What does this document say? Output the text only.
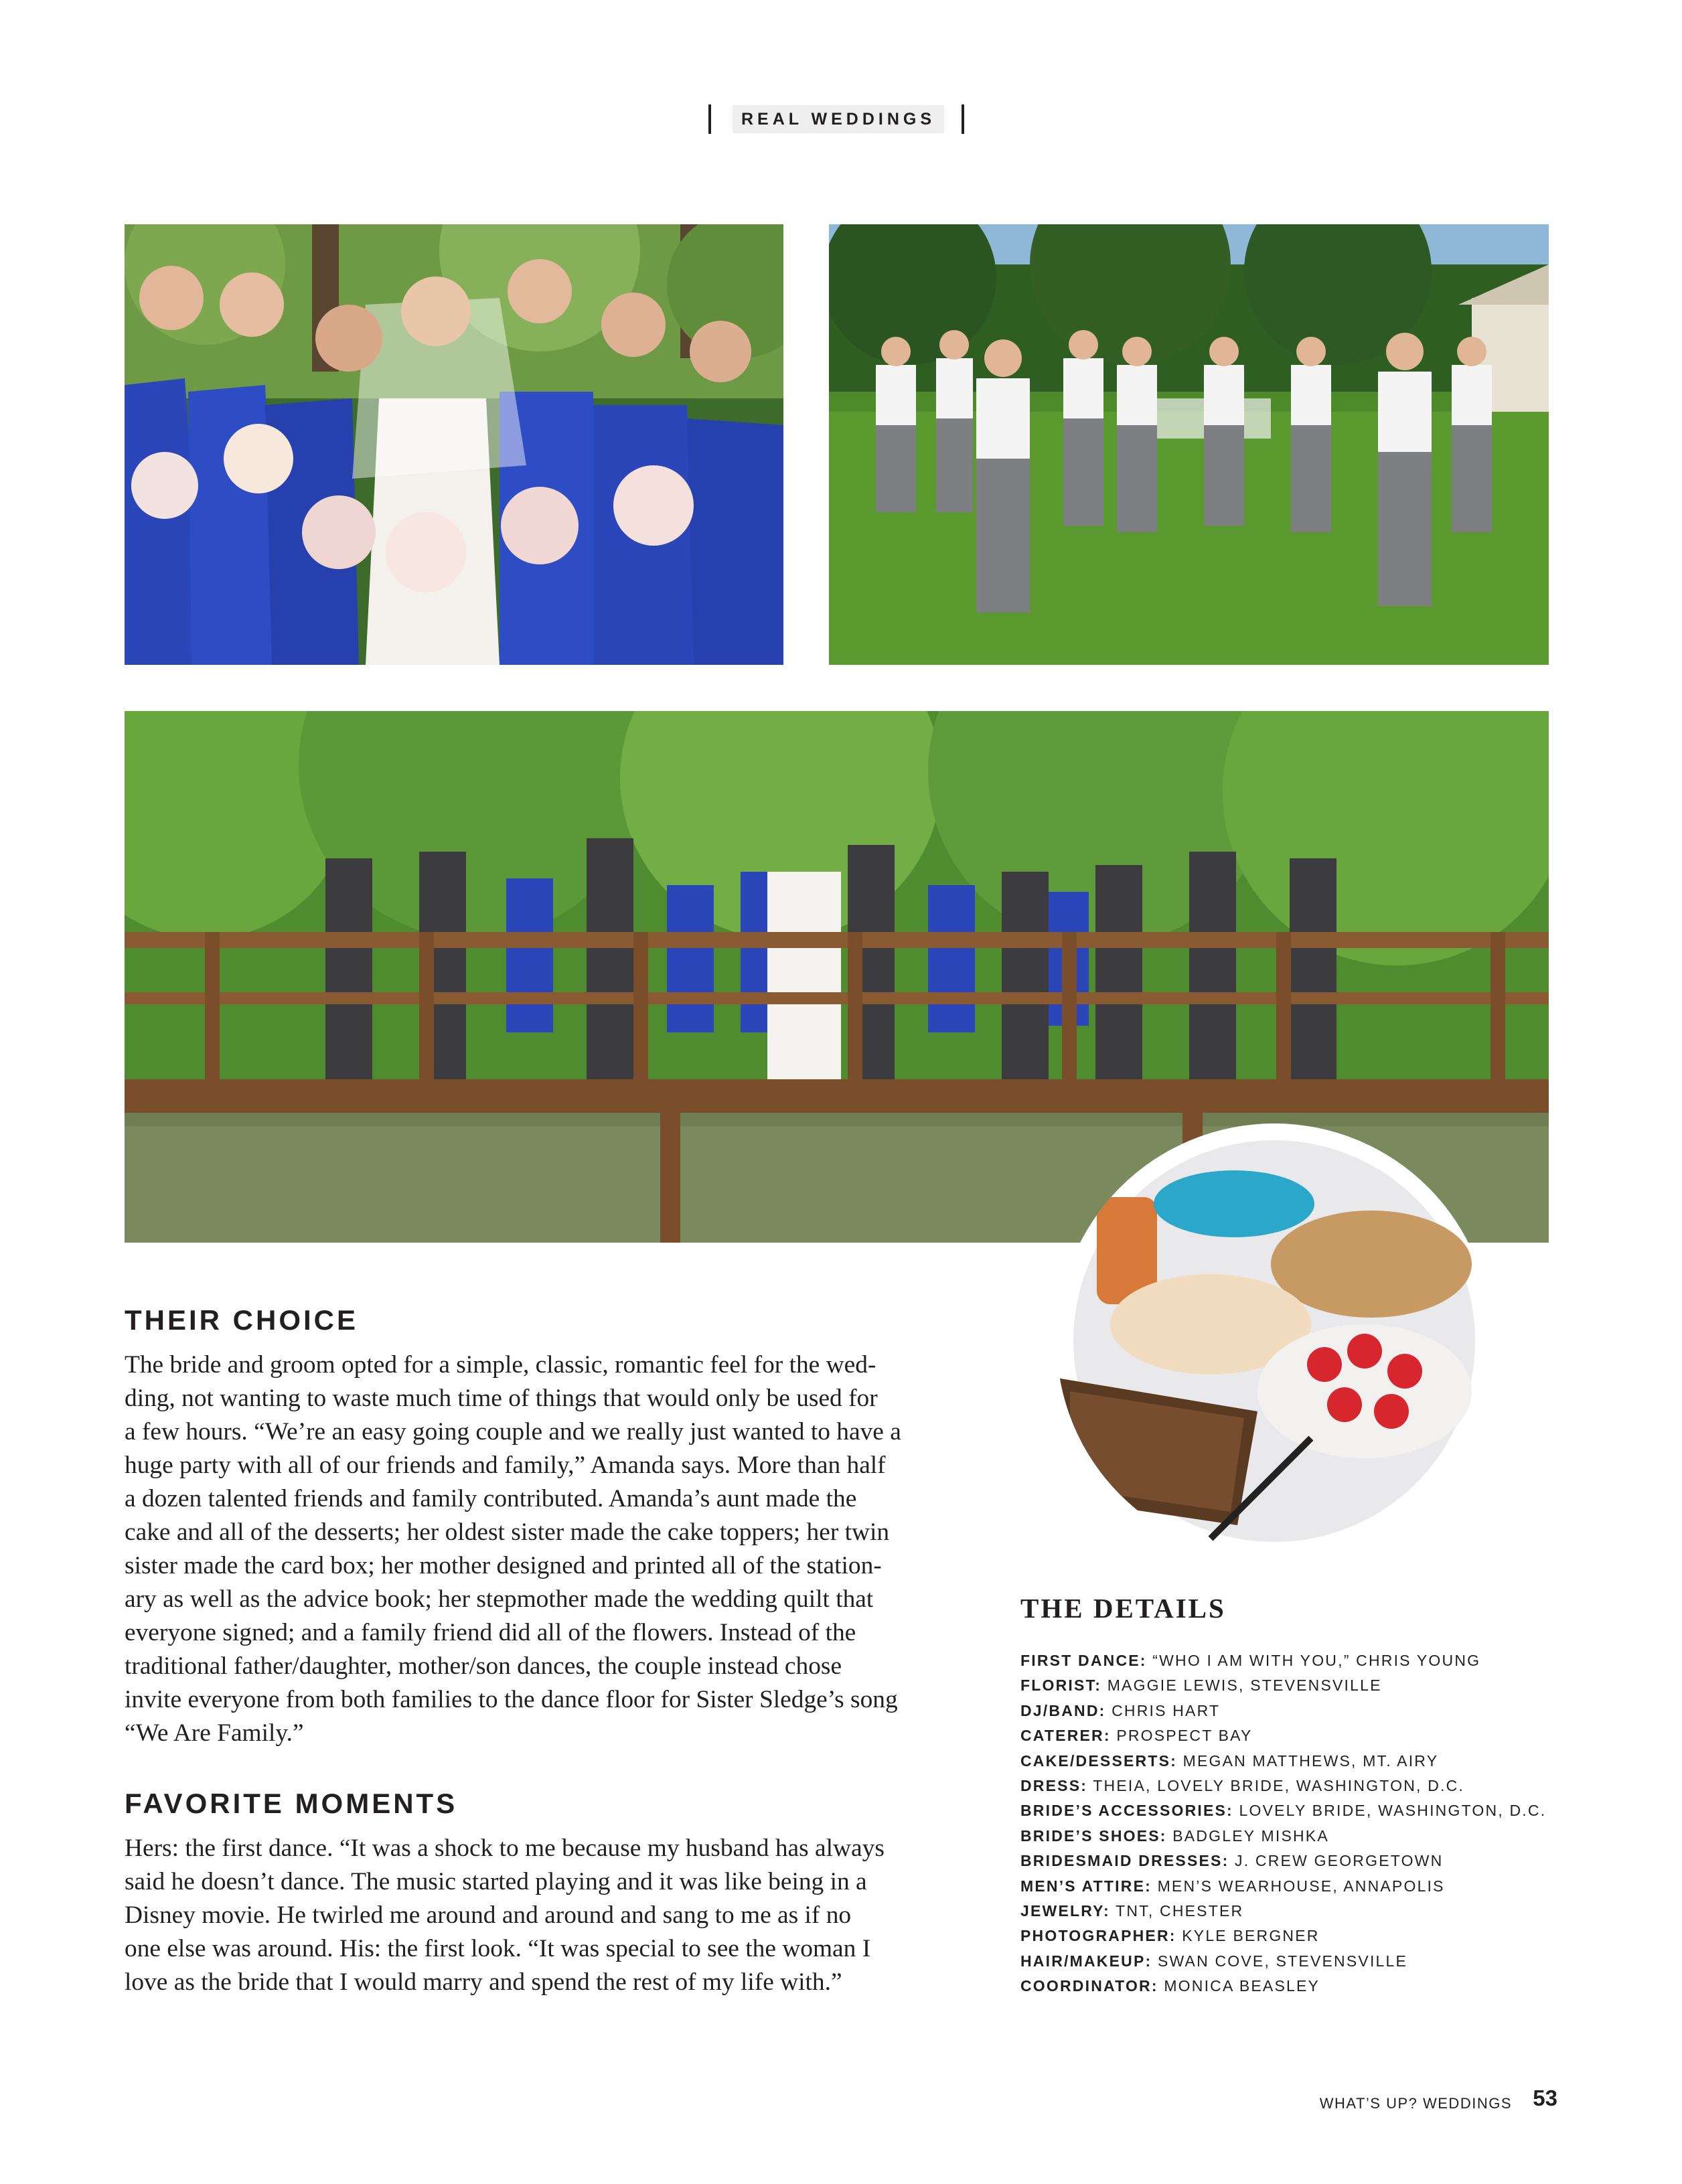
REAL WEDDINGS
THEIR CHOICE

The bride and groom opted for a simple, classic, romantic feel for the wed-

ding, not wanting to waste much time of things that would only be used for

a few hours. “We’re an easy going couple and we really just wanted to have a

huge party with all of our friends and family,” Amanda says. More than half

a dozen talented friends and family contributed. Amanda’s aunt made the

cake and all of the desserts; her oldest sister made the cake toppers; her twin

sister made the card box; her mother designed and printed all of the station-

ary as well as the advice book; her stepmother made the wedding quilt that

everyone signed; and a family friend did all of the flowers. Instead of the

traditional father/daughter, mother/son dances, the couple instead chose

invite everyone from both families to the dance floor for Sister Sledge’s song

“We Are Family.”

FAVORITE MOMENTS

Hers: the first dance. “It was a shock to me because my husband has always

said he doesn’t dance. The music started playing and it was like being in a

Disney movie. He twirled me around and around and sang to me as if no

one else was around. His: the first look. “It was special to see the woman I

love as the bride that I would marry and spend the rest of my life with.”

THE DETAILS
FIRST DANCE: “WHO I AM WITH YOU,” CHRIS YOUNG
FLORIST: MAGGIE LEWIS, STEVENSVILLE
DJ/BAND: CHRIS HART
CATERER: PROSPECT BAY
CAKE/DESSERTS: MEGAN MATTHEWS, MT. AIRY
DRESS: THEIA, LOVELY BRIDE, WASHINGTON, D.C.
BRIDE’S ACCESSORIES: LOVELY BRIDE, WASHINGTON, D.C.
BRIDE’S SHOES: BADGLEY MISHKA
BRIDESMAID DRESSES: J. CREW GEORGETOWN
MEN’S ATTIRE: MEN’S WEARHOUSE, ANNAPOLIS
JEWELRY: TNT, CHESTER
PHOTOGRAPHER: KYLE BERGNER
HAIR/MAKEUP: SWAN COVE, STEVENSVILLE
COORDINATOR: MONICA BEASLEY
WHAT’S UP? WEDDINGS 53
